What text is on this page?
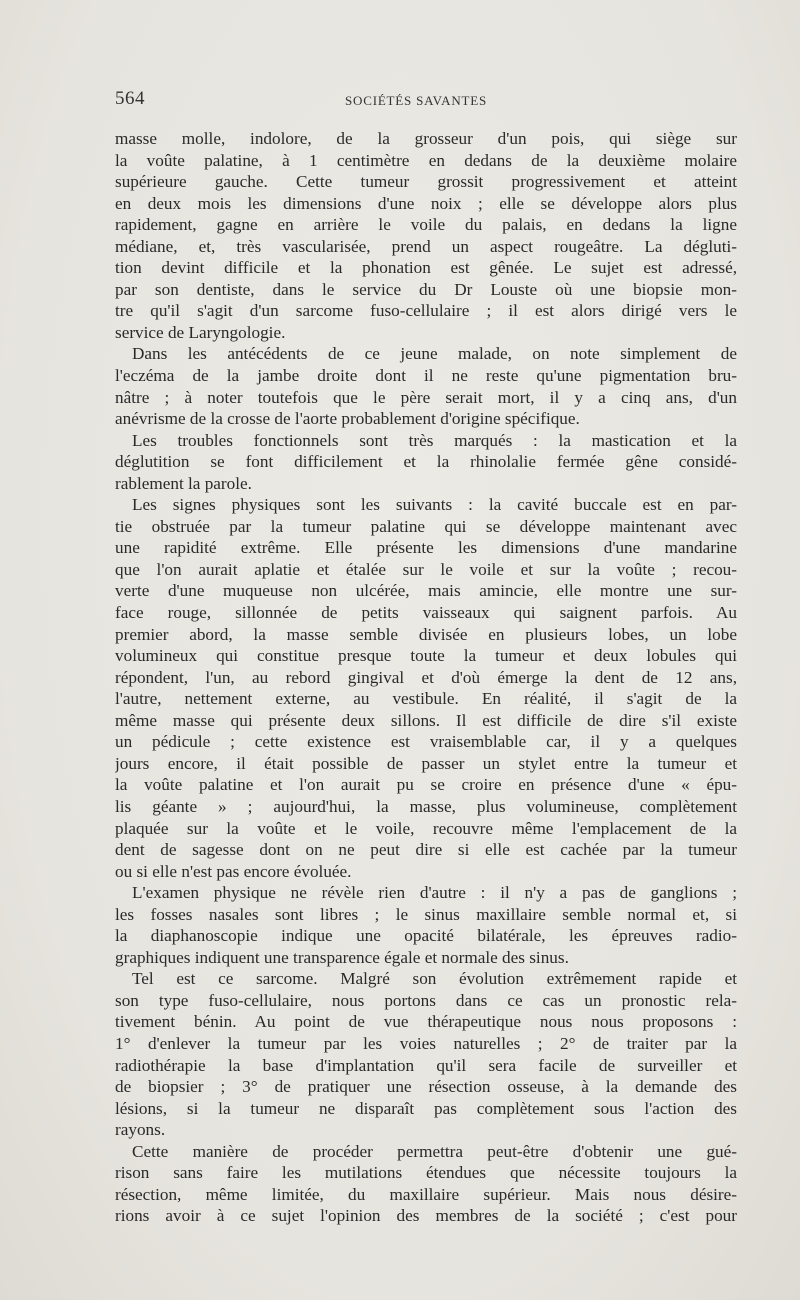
564	SOCIÉTÉS SAVANTES
masse molle, indolore, de la grosseur d'un pois, qui siège sur
la voûte palatine, à 1 centimètre en dedans de la deuxième molaire
supérieure gauche. Cette tumeur grossit progressivement et atteint
en deux mois les dimensions d'une noix ; elle se développe alors plus
rapidement, gagne en arrière le voile du palais, en dedans la ligne
médiane, et, très vascularisée, prend un aspect rougeâtre. La dégluti-
tion devint difficile et la phonation est gênée. Le sujet est adressé,
par son dentiste, dans le service du Dr Louste où une biopsie mon-
tre qu'il s'agit d'un sarcome fuso-cellulaire ; il est alors dirigé vers le
service de Laryngologie.
Dans les antécédents de ce jeune malade, on note simplement de
l'eczéma de la jambe droite dont il ne reste qu'une pigmentation bru-
nâtre ; à noter toutefois que le père serait mort, il y a cinq ans, d'un
anévrisme de la crosse de l'aorte probablement d'origine spécifique.
Les troubles fonctionnels sont très marqués : la mastication et la
déglutition se font difficilement et la rhinolalie fermée gêne considé-
rablement la parole.
Les signes physiques sont les suivants : la cavité buccale est en par-
tie obstruée par la tumeur palatine qui se développe maintenant avec
une rapidité extrême. Elle présente les dimensions d'une mandarine
que l'on aurait aplatie et étalée sur le voile et sur la voûte ; recou-
verte d'une muqueuse non ulcérée, mais amincie, elle montre une sur-
face rouge, sillonnée de petits vaisseaux qui saignent parfois. Au
premier abord, la masse semble divisée en plusieurs lobes, un lobe
volumineux qui constitue presque toute la tumeur et deux lobules qui
répondent, l'un, au rebord gingival et d'où émerge la dent de 12 ans,
l'autre, nettement externe, au vestibule. En réalité, il s'agit de la
même masse qui présente deux sillons. Il est difficile de dire s'il existe
un pédicule ; cette existence est vraisemblable car, il y a quelques
jours encore, il était possible de passer un stylet entre la tumeur et
la voûte palatine et l'on aurait pu se croire en présence d'une « épu-
lis géante » ; aujourd'hui, la masse, plus volumineuse, complètement
plaquée sur la voûte et le voile, recouvre même l'emplacement de la
dent de sagesse dont on ne peut dire si elle est cachée par la tumeur
ou si elle n'est pas encore évoluée.
L'examen physique ne révèle rien d'autre : il n'y a pas de ganglions ;
les fosses nasales sont libres ; le sinus maxillaire semble normal et, si
la diaphanoscopie indique une opacité bilatérale, les épreuves radio-
graphiques indiquent une transparence égale et normale des sinus.
Tel est ce sarcome. Malgré son évolution extrêmement rapide et
son type fuso-cellulaire, nous portons dans ce cas un pronostic rela-
tivement bénin. Au point de vue thérapeutique nous nous proposons :
1° d'enlever la tumeur par les voies naturelles ; 2° de traiter par la
radiothérapie la base d'implantation qu'il sera facile de surveiller et
de biopsier ; 3° de pratiquer une résection osseuse, à la demande des
lésions, si la tumeur ne disparaît pas complètement sous l'action des
rayons.
Cette manière de procéder permettra peut-être d'obtenir une gué-
rison sans faire les mutilations étendues que nécessite toujours la
résection, même limitée, du maxillaire supérieur. Mais nous désire-
rions avoir à ce sujet l'opinion des membres de la société ; c'est pour
